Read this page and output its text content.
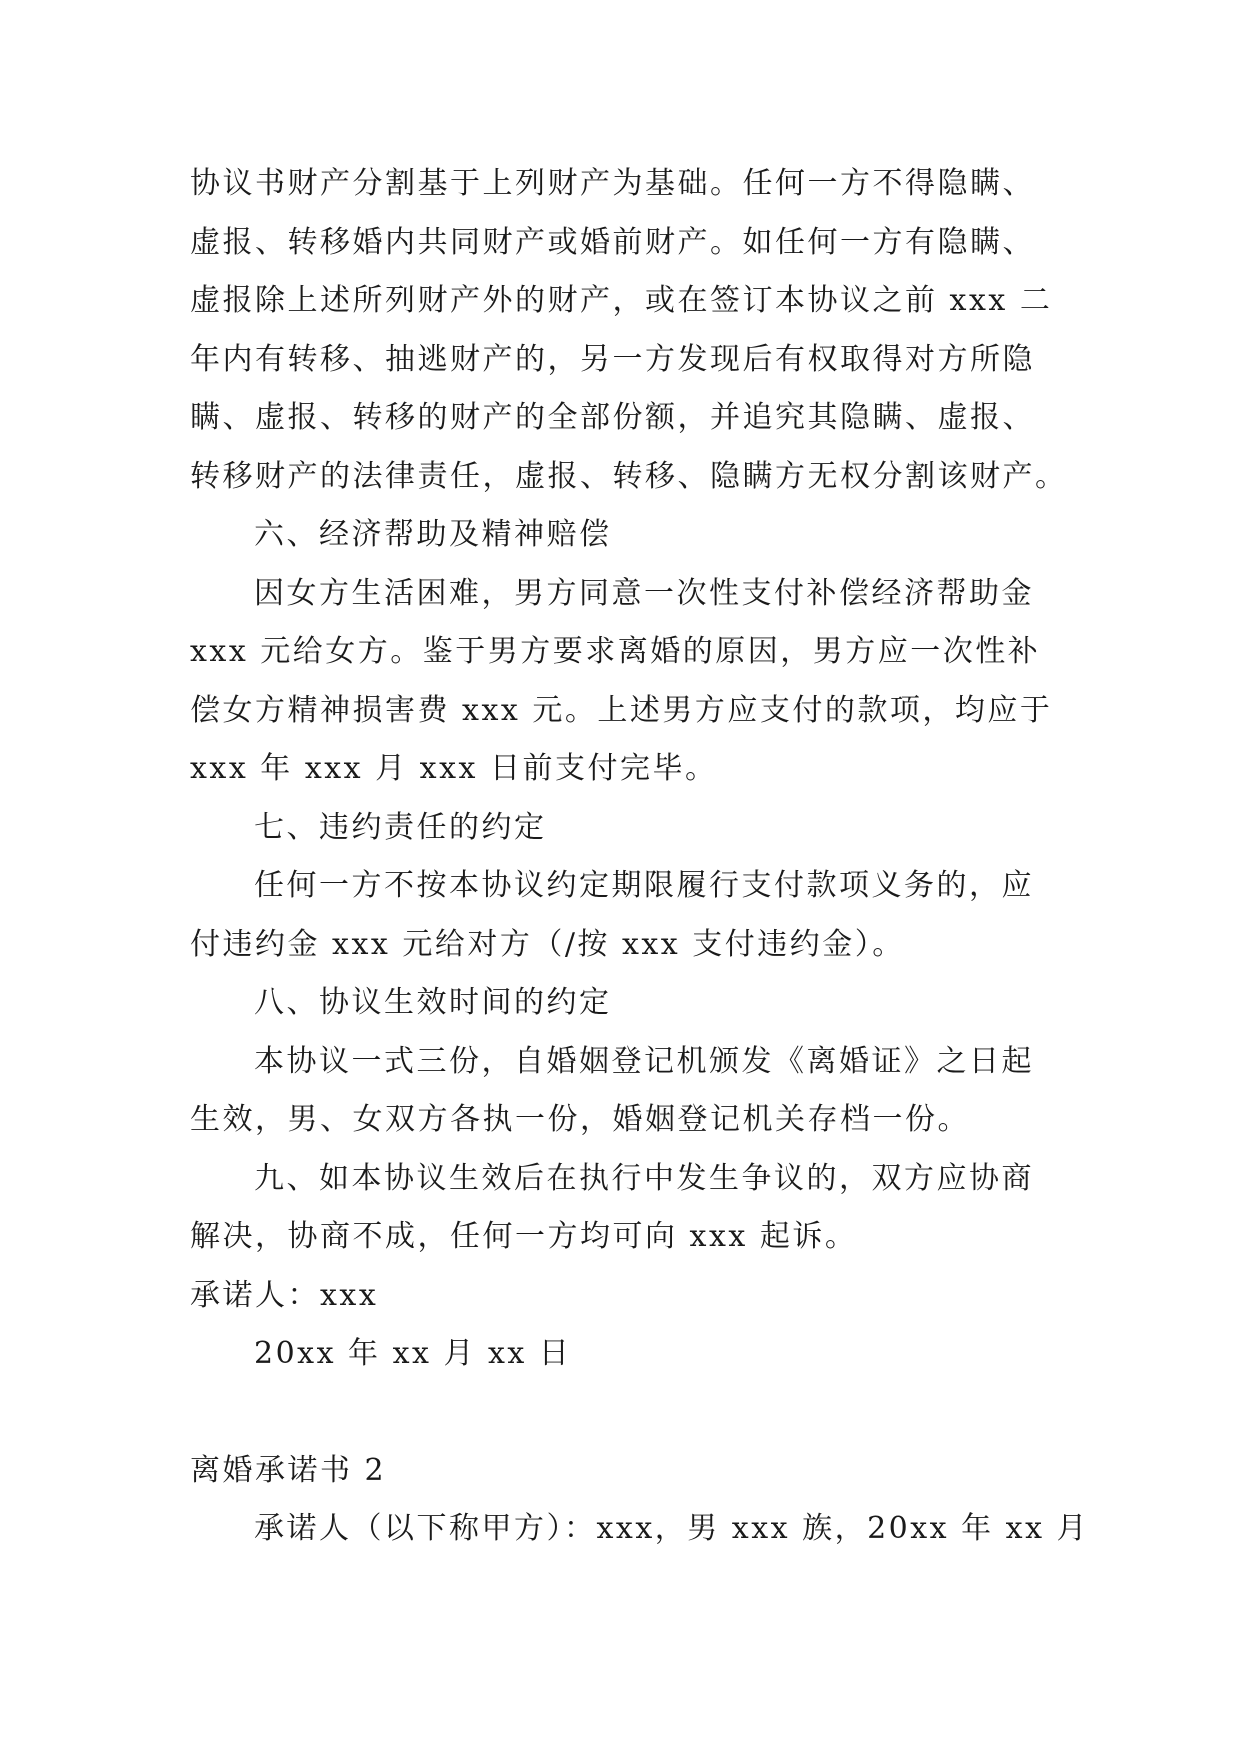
协议书财产分割基于上列财产为基础。任何一方不得隐瞒、
虚报、转移婚内共同财产或婚前财产。如任何一方有隐瞒、
虚报除上述所列财产外的财产，或在签订本协议之前 xxx 二
年内有转移、抽逃财产的，另一方发现后有权取得对方所隐
瞒、虚报、转移的财产的全部份额，并追究其隐瞒、虚报、
转移财产的法律责任，虚报、转移、隐瞒方无权分割该财产。
六、经济帮助及精神赔偿
因女方生活困难，男方同意一次性支付补偿经济帮助金
xxx 元给女方。鉴于男方要求离婚的原因，男方应一次性补
偿女方精神损害费 xxx 元。上述男方应支付的款项，均应于
xxx 年 xxx 月 xxx 日前支付完毕。
七、违约责任的约定
任何一方不按本协议约定期限履行支付款项义务的，应
付违约金 xxx 元给对方（/按 xxx 支付违约金）。
八、协议生效时间的约定
本协议一式三份，自婚姻登记机颁发《离婚证》之日起
生效，男、女双方各执一份，婚姻登记机关存档一份。
九、如本协议生效后在执行中发生争议的，双方应协商
解决，协商不成，任何一方均可向 xxx 起诉。
承诺人：xxx
20xx 年 xx 月 xx 日
离婚承诺书 2
承诺人（以下称甲方）：xxx，男 xxx 族，20xx 年 xx 月
